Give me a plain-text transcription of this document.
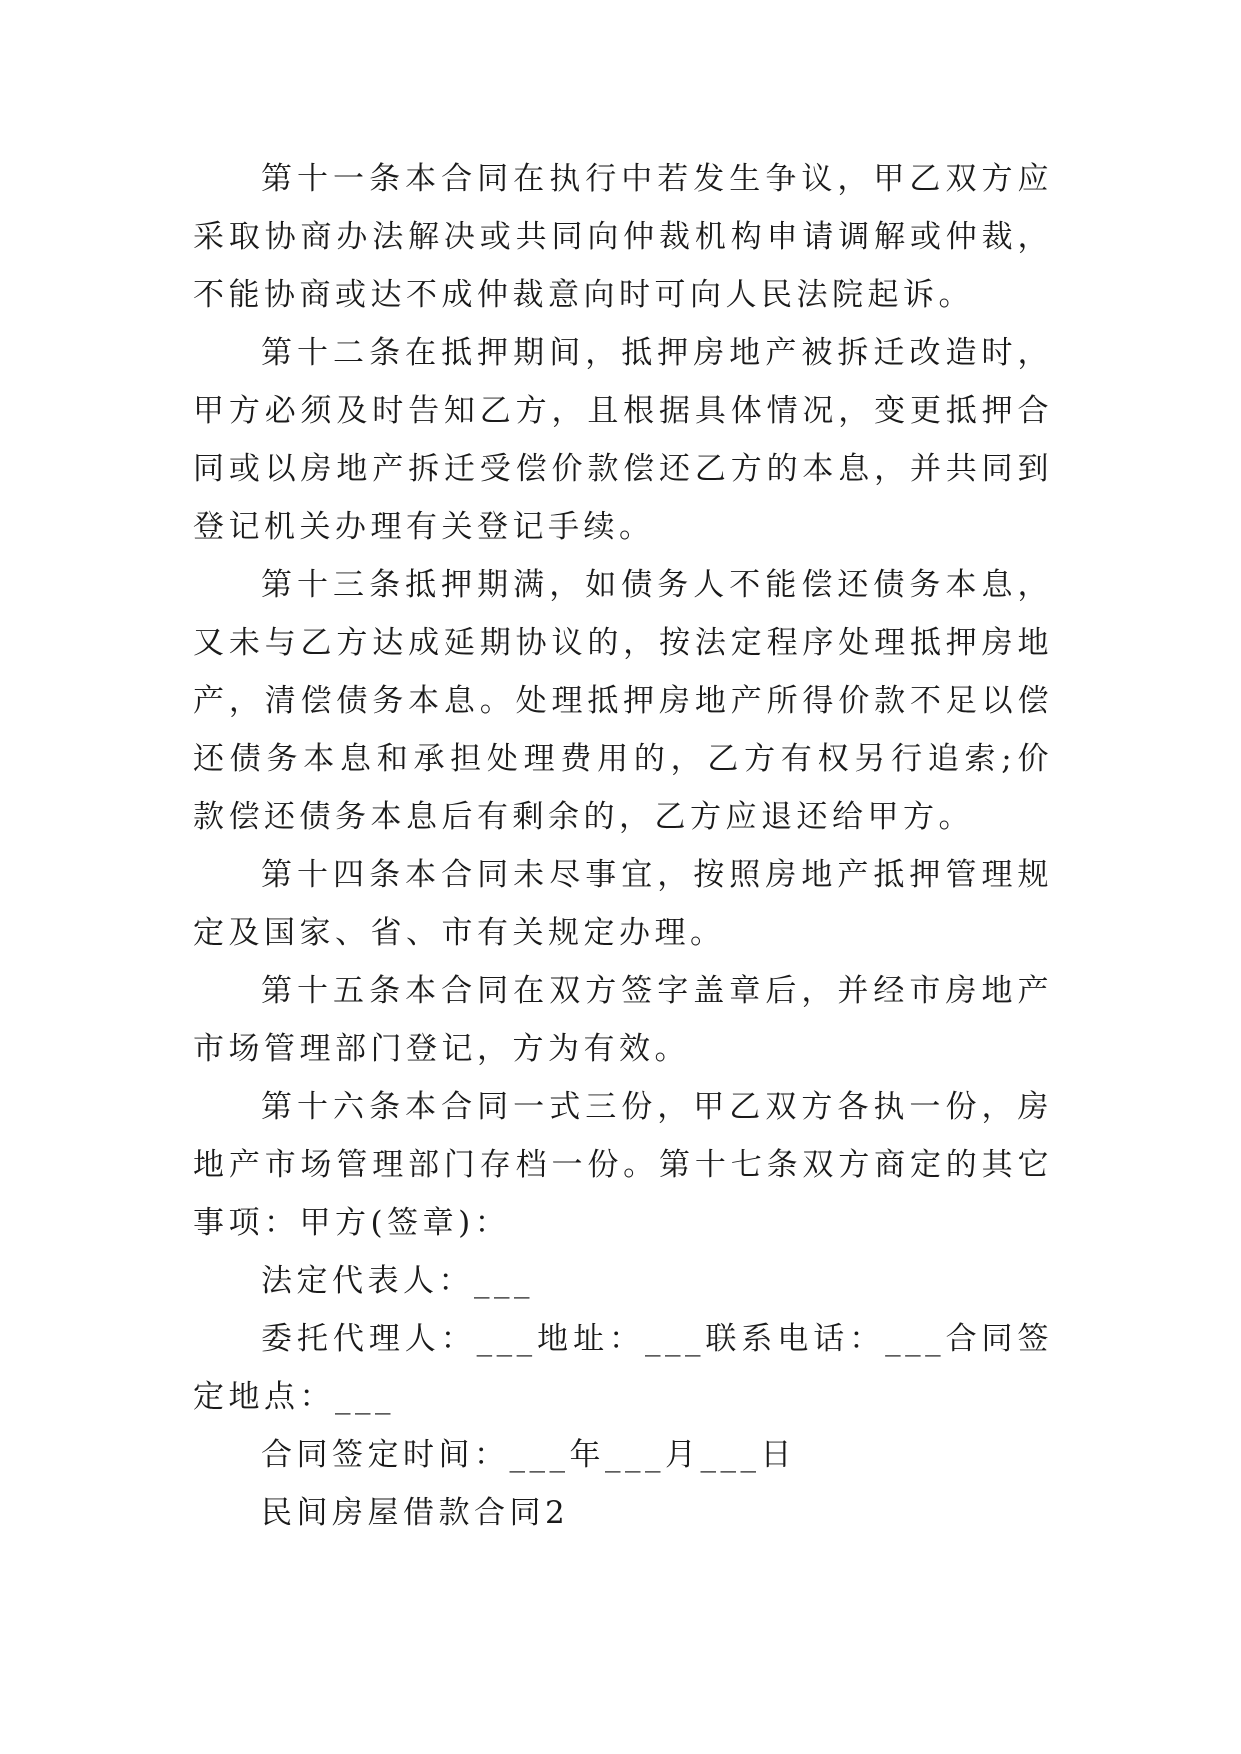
第十一条本合同在执行中若发生争议，甲乙双方应采取协商办法解决或共同向仲裁机构申请调解或仲裁，不能协商或达不成仲裁意向时可向人民法院起诉。

第十二条在抵押期间，抵押房地产被拆迁改造时，甲方必须及时告知乙方，且根据具体情况，变更抵押合同或以房地产拆迁受偿价款偿还乙方的本息，并共同到登记机关办理有关登记手续。

第十三条抵押期满，如债务人不能偿还债务本息，又未与乙方达成延期协议的，按法定程序处理抵押房地产，清偿债务本息。处理抵押房地产所得价款不足以偿还债务本息和承担处理费用的，乙方有权另行追索;价款偿还债务本息后有剩余的，乙方应退还给甲方。

第十四条本合同未尽事宜，按照房地产抵押管理规定及国家、省、市有关规定办理。

第十五条本合同在双方签字盖章后，并经市房地产市场管理部门登记，方为有效。

第十六条本合同一式三份，甲乙双方各执一份，房地产市场管理部门存档一份。第十七条双方商定的其它事项：甲方(签章)：

法定代表人：___

委托代理人：___地址：___联系电话：___合同签定地点：___

合同签定时间：___年___月___日

民间房屋借款合同2
